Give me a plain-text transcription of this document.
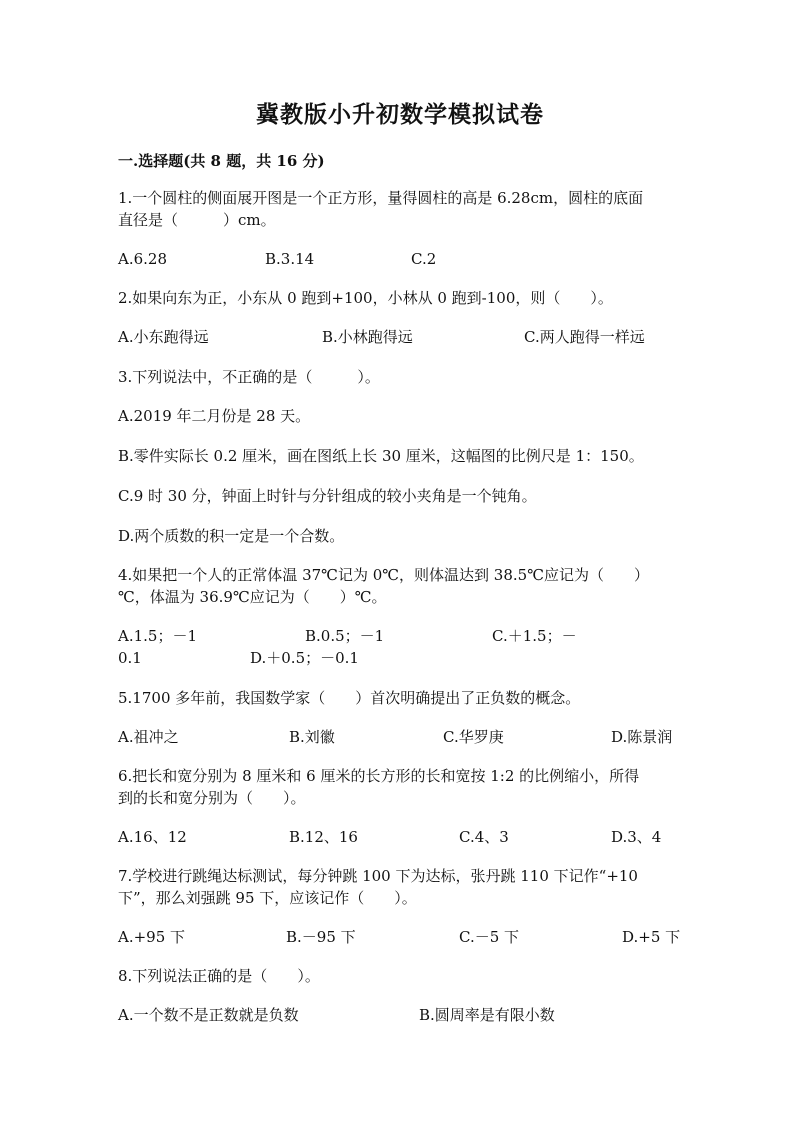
冀教版小升初数学模拟试卷
一.选择题(共 8 题，共 16 分)
1.一个圆柱的侧面展开图是一个正方形，量得圆柱的高是 6.28cm，圆柱的底面
直径是（　　　）cm。
A.6.28	B.3.14	C.2
2.如果向东为正，小东从 0 跑到+100，小林从 0 跑到-100，则（　　）。
A.小东跑得远	B.小林跑得远	C.两人跑得一样远
3.下列说法中，不正确的是（　　　）。
A.2019 年二月份是 28 天。
B.零件实际长 0.2 厘米，画在图纸上长 30 厘米，这幅图的比例尺是 1：150。
C.9 时 30 分，钟面上时针与分针组成的较小夹角是一个钝角。
D.两个质数的积一定是一个合数。
4.如果把一个人的正常体温 37℃记为 0℃，则体温达到 38.5℃应记为（　　）
℃，体温为 36.9℃应记为（　　）℃。
A.1.5；－1	B.0.5；－1	C.＋1.5；－
0.1	D.＋0.5；－0.1
5.1700 多年前，我国数学家（　　）首次明确提出了正负数的概念。
A.祖冲之	B.刘徽	C.华罗庚	D.陈景润
6.把长和宽分别为 8 厘米和 6 厘米的长方形的长和宽按 1:2 的比例缩小，所得
到的长和宽分别为（　　）。
A.16、12	B.12、16	C.4、3	D.3、4
7.学校进行跳绳达标测试，每分钟跳 100 下为达标，张丹跳 110 下记作“+10
下”，那么刘强跳 95 下，应该记作（　　）。
A.+95 下	B.－95 下	C.－5 下	D.+5 下
8.下列说法正确的是（　　）。
A.一个数不是正数就是负数	B.圆周率是有限小数
